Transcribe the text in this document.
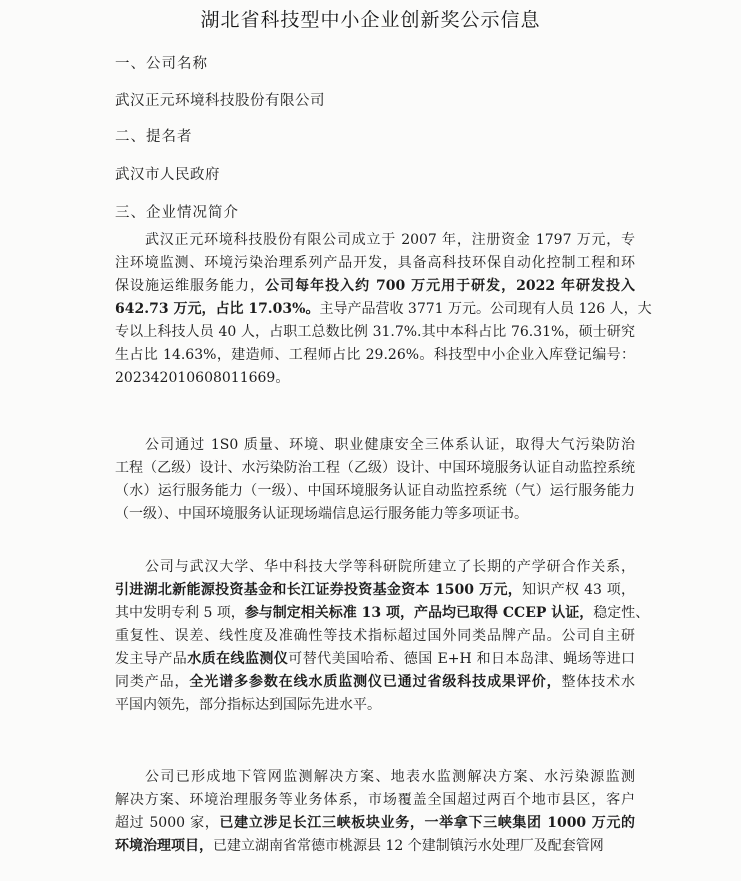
湖北省科技型中小企业创新奖公示信息
一、公司名称
武汉正元环境科技股份有限公司
二、提名者
武汉市人民政府
三、企业情况简介
武汉正元环境科技股份有限公司成立于 2007 年，注册资金 1797 万元，专
注环境监测、环境污染治理系列产品开发，具备高科技环保自动化控制工程和环
保设施运维服务能力，公司每年投入约 700 万元用于研发，2022 年研发投入
642.73 万元，占比 17.03%。主导产品营收 3771 万元。公司现有人员 126 人，大
专以上科技人员 40 人，占职工总数比例 31.7%.其中本科占比 76.31%，硕士研究
生占比 14.63%，建造师、工程师占比 29.26%。科技型中小企业入库登记编号：
20234201060801166​9。
公司通过 1S0 质量、环境、职业健康安全三体系认证，取得大气污染防治
工程（乙级）设计、水污染防治工程（乙级）设计、中国环境服务认证自动监控系统
（水）运行服务能力（一级）、中国环境服务认证自动监控系统（气）运行服务能力
（一级）、中国环境服务认证现场端信息运行服务能力等多项证书。
公司与武汉大学、华中科技大学等科研院所建立了长期的产学研合作关系，
引进湖北新能源投资基金和长江证券投资基金资本 1500 万元，知识产权 43 项，
其中发明专利 5 项，参与制定相关标准 13 项，产品均已取得 CCEP 认证，稳定性、
重复性、误差、线性度及准确性等技术指标超过国外同类品牌产品。公司自主研
发主导产品水质在线监测仪可替代美国哈希、德国 E+H 和日本岛津、蝇场等进口
同类产品，全光谱多参数在线水质监测仪已通过省级科技成果评价，整体技术水
平国内领先，部分指标达到国际先进水平。
公司已形成地下管网监测解决方案、地表水监测解决方案、水污染源监测
解决方案、环境治理服务等业务体系，市场覆盖全国超过两百个地市县区，客户
超过 5000 家，已建立涉足长江三峡板块业务，一举拿下三峡集团 1000 万元的
环境治理项目，已建立湖南省常德市桃源县 12 个建制镇污水处理厂及配套管网
